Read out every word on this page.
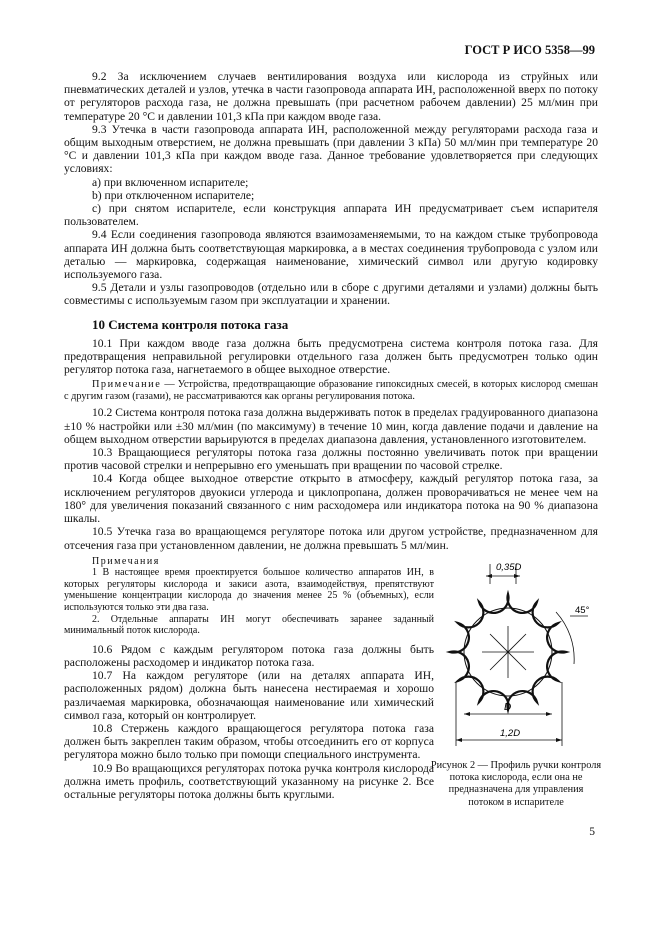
ГОСТ Р ИСО 5358—99

9.2 За исключением случаев вентилирования воздуха или кислорода из струйных или пневматических деталей и узлов, утечка в части газопровода аппарата ИН, расположенной вверх по потоку от регуляторов расхода газа, не должна превышать (при расчетном рабочем давлении) 25 мл/мин при температуре 20 °С и давлении 101,3 кПа при каждом вводе газа.

9.3 Утечка в части газопровода аппарата ИН, расположенной между регуляторами расхода газа и общим выходным отверстием, не должна превышать (при давлении 3 кПа) 50 мл/мин при температуре 20 °С и давлении 101,3 кПа при каждом вводе газа. Данное требование удовлетворяется при следующих условиях:

a) при включенном испарителе;

b) при отключенном испарителе;

c) при снятом испарителе, если конструкция аппарата ИН предусматривает съем испарителя пользователем.

9.4 Если соединения газопровода являются взаимозаменяемыми, то на каждом стыке трубопровода аппарата ИН должна быть соответствующая маркировка, а в местах соединения трубопровода с узлом или деталью — маркировка, содержащая наименование, химический символ или другую кодировку используемого газа.

9.5 Детали и узлы газопроводов (отдельно или в сборе с другими деталями и узлами) должны быть совместимы с используемым газом при эксплуатации и хранении.

10 Система контроля потока газа

10.1 При каждом вводе газа должна быть предусмотрена система контроля потока газа. Для предотвращения неправильной регулировки отдельного газа должен быть предусмотрен только один регулятор потока газа, нагнетаемого в общее выходное отверстие.

Примечание — Устройства, предотвращающие образование гипоксидных смесей, в которых кислород смешан с другим газом (газами), не рассматриваются как органы регулирования потока.

10.2 Система контроля потока газа должна выдерживать поток в пределах градуированного диапазона ±10 % настройки или ±30 мл/мин (по максимуму) в течение 10 мин, когда давление подачи и давление на общем выходном отверстии варьируются в пределах диапазона давления, установленного изготовителем.

10.3 Вращающиеся регуляторы потока газа должны постоянно увеличивать поток при вращении против часовой стрелки и непрерывно его уменьшать при вращении по часовой стрелке.

10.4 Когда общее выходное отверстие открыто в атмосферу, каждый регулятор потока газа, за исключением регуляторов двуокиси углерода и циклопропана, должен проворачиваться не менее чем на 180° для увеличения показаний связанного с ним расходомера или индикатора потока на 90 % диапазона шкалы.

10.5 Утечка газа во вращающемся регуляторе потока или другом устройстве, предназначенном для отсечения газа при установленном давлении, не должна превышать 5 мл/мин.

Примечания

1 В настоящее время проектируется большое количество аппаратов ИН, в которых регуляторы кислорода и закиси азота, взаимодействуя, препятствуют уменьшение концентрации кислорода до значения менее 25 % (объемных), если используются только эти два газа.

2. Отдельные аппараты ИН могут обеспечивать заранее заданный минимальный поток кислорода.

10.6 Рядом с каждым регулятором потока газа должны быть расположены расходомер и индикатор потока газа.

10.7 На каждом регуляторе (или на деталях аппарата ИН, расположенных рядом) должна быть нанесена нестираемая и хорошо различаемая маркировка, обозначающая наименование или химический символ газа, который он контролирует.

10.8 Стержень каждого вращающегося регулятора потока газа должен быть закреплен таким образом, чтобы отсоединить его от корпуса регулятора можно было только при помощи специального инструмента.

10.9 Во вращающихся регуляторах потока ручка контроля кислорода должна иметь профиль, соответствующий указанному на рисунке 2. Все остальные регуляторы потока должны быть круглыми.

0,35D
45°
D
1,2D
Рисунок 2 — Профиль ручки контроля потока кислорода, если она не предназначена для управления потоком в испарителе
5
